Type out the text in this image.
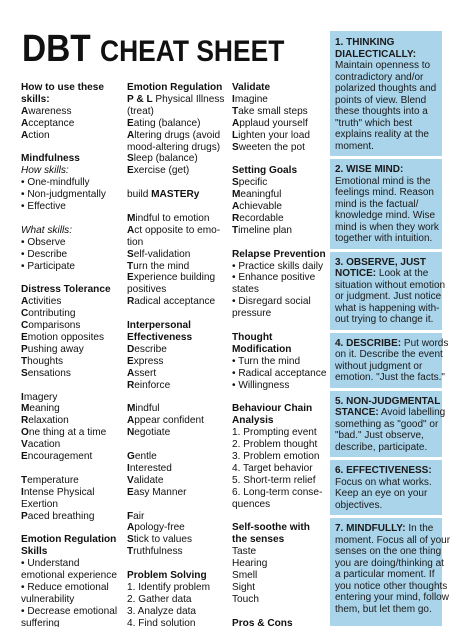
DBT CHEAT SHEET
How to use these
skills:
Awareness
Acceptance
Action
Mindfulness
How skills:
• One-mindfully
• Non-judgmentally
• Effective
What skills:
• Observe
• Describe
• Participate
Distress Tolerance
Activities
Contributing
Comparisons
Emotion opposites
Pushing away
Thoughts
Sensations
Imagery
Meaning
Relaxation
One thing at a time
Vacation
Encouragement
Temperature
Intense Physical
Exertion
Paced breathing
Emotion Regulation
Skills
• Understand
emotional experience
• Reduce emotional
vulnerability
• Decrease emotional
suffering
Emotion Regulation
P & L Physical Illness
(treat)
Eating (balance)
Altering drugs (avoid
mood-altering drugs)
Sleep (balance)
Exercise (get)
build MASTERy
Mindful to emotion
Act opposite to emo-
tion
Self-validation
Turn the mind
Experience building
positives
Radical acceptance
Interpersonal
Effectiveness
Describe
Express
Assert
Reinforce
Mindful
Appear confident
Negotiate
Gentle
Interested
Validate
Easy Manner
Fair
Apology-free
Stick to values
Truthfulness
Problem Solving
1. Identify problem
2. Gather data
3. Analyze data
4. Find solution
Validate
Imagine
Take small steps
Applaud yourself
Lighten your load
Sweeten the pot
Setting Goals
Specific
Meaningful
Achievable
Recordable
Timeline plan
Relapse Prevention
• Practice skills daily
• Enhance positive
states
• Disregard social
pressure
Thought
Modification
• Turn the mind
• Radical acceptance
• Willingness
Behaviour Chain
Analysis
1. Prompting event
2. Problem thought
3. Problem emotion
4. Target behavior
5. Short-term relief
6. Long-term conse-
quences
Self-soothe with
the senses
Taste
Hearing
Smell
Sight
Touch
Pros & Cons
1. THINKING
DIALECTICALLY:
Maintain openness to
contradictory and/or
polarized thoughts and
points of view. Blend
these thoughts into a
"truth" which best
explains reality at the
moment.
2. WISE MIND:
Emotional mind is the
feelings mind. Reason
mind is the factual/
knowledge mind. Wise
mind is when they work
together with intuition.
3. OBSERVE, JUST
NOTICE: Look at the
situation without emotion
or judgment. Just notice
what is happening with-
out trying to change it.
4. DESCRIBE: Put words
on it. Describe the event
without judgment or
emotion. "Just the facts."
5. NON-JUDGMENTAL
STANCE: Avoid labelling
something as "good" or
"bad." Just observe,
describe, participate.
6. EFFECTIVENESS:
Focus on what works.
Keep an eye on your
objectives.
7. MINDFULLY: In the
moment. Focus all of your
senses on the one thing
you are doing/thinking at
a particular moment. If
you notice other thoughts
entering your mind, follow
them, but let them go.
